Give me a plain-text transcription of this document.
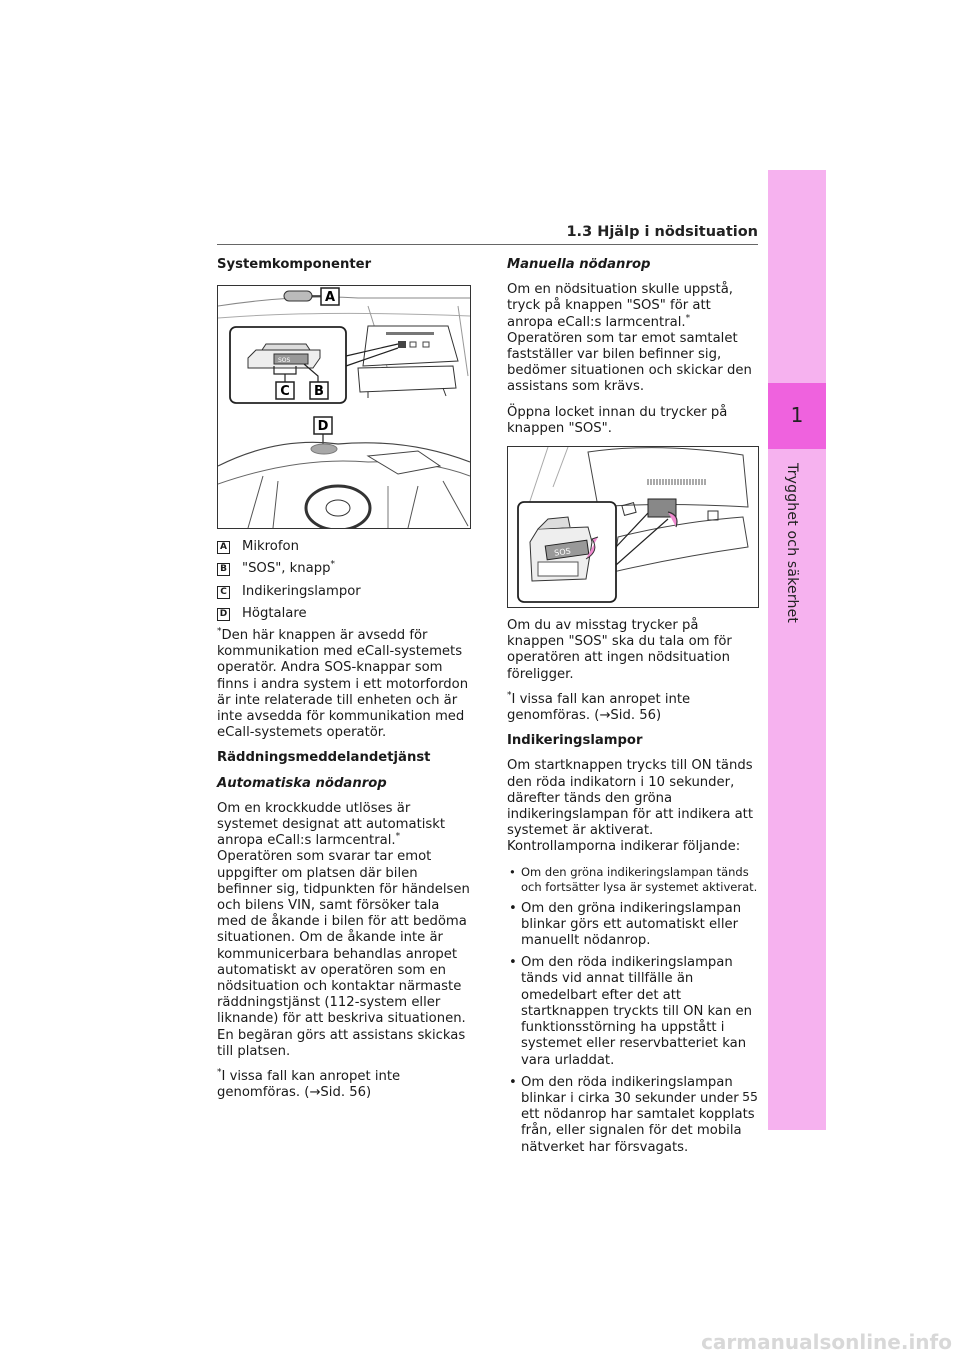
1
Trygghet och säkerhet
1.3 Hjälp i nödsituation

Systemkomponenter

A
SOS
C B
D
A Mikrofon
B "SOS", knapp*
C Indikeringslampor
D Högtalare

*Den här knappen är avsedd för kommunikation med eCall-systemets operatör. Andra SOS-knappar som finns i andra system i ett motorfordon är inte relaterade till enheten och är inte avsedda för kommunikation med eCall-systemets operatör.

Räddningsmeddelandetjänst

Automatiska nödanrop

Om en krockkudde utlöses är systemet designat att automatiskt anropa eCall:s larmcentral.* Operatören som svarar tar emot uppgifter om platsen där bilen befinner sig, tidpunkten för händelsen och bilens VIN, samt försöker tala med de åkande i bilen för att bedöma situationen. Om de åkande inte är kommunicerbara behandlas anropet automatiskt av operatören som en nödsituation och kontaktar närmaste räddningstjänst (112-system eller liknande) för att beskriva situationen. En begäran görs att assistans skickas till platsen.

*I vissa fall kan anropet inte genomföras. (→Sid. 56)

Manuella nödanrop

Om en nödsituation skulle uppstå, tryck på knappen "SOS" för att anropa eCall:s larmcentral.* Operatören som tar emot samtalet fastställer var bilen befinner sig, bedömer situationen och skickar den assistans som krävs.

Öppna locket innan du trycker på knappen "SOS".

SOS

Om du av misstag trycker på knappen "SOS" ska du tala om för operatören att ingen nödsituation föreligger.

*I vissa fall kan anropet inte genomföras. (→Sid. 56)

Indikeringslampor

Om startknappen trycks till ON tänds den röda indikatorn i 10 sekunder, därefter tänds den gröna indikeringslampan för att indikera att systemet är aktiverat. Kontrollamporna indikerar följande:

• Om den gröna indikeringslampan tänds och fortsätter lysa är systemet aktiverat.
• Om den gröna indikeringslampan blinkar görs ett automatiskt eller manuellt nödanrop.
• Om den röda indikeringslampan tänds vid annat tillfälle än omedelbart efter det att startknappen tryckts till ON kan en funktionsstörning ha uppstått i systemet eller reservbatteriet kan vara urladdat.
• Om den röda indikeringslampan blinkar i cirka 30 sekunder under ett nödanrop har samtalet kopplats från, eller signalen för det mobila nätverket har försvagats.
55
carmanualsonline.info
